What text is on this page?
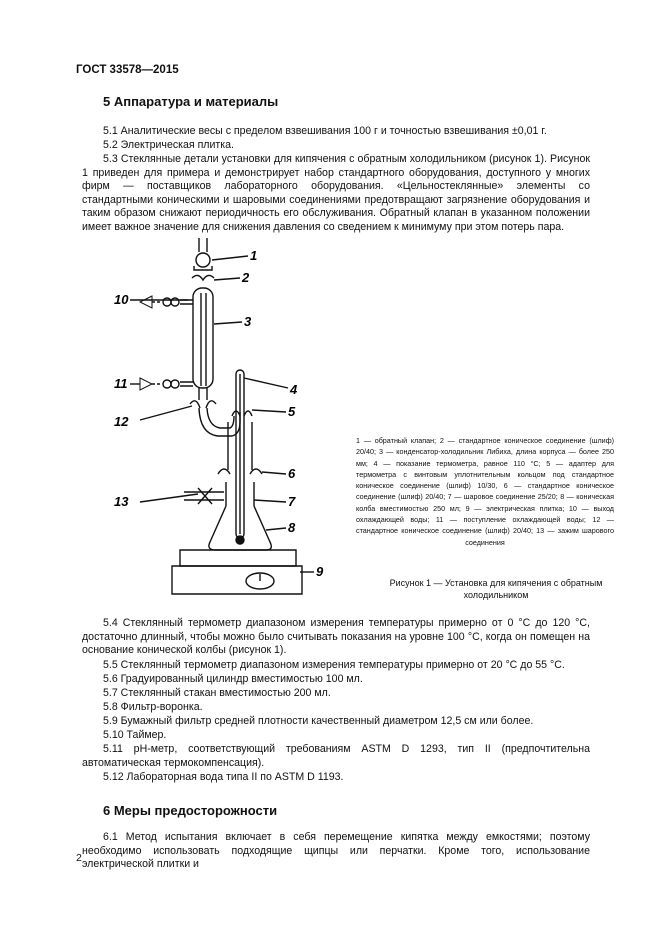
ГОСТ 33578—2015
5 Аппаратура и материалы

5.1 Аналитические весы с пределом взвешивания 100 г и точностью взвешивания ±0,01 г.

5.2 Электрическая плитка.

5.3 Стеклянные детали установки для кипячения с обратным холодильником (рисунок 1). Рисунок 1 приведен для примера и демонстрирует набор стандартного оборудования, доступного у многих фирм — поставщиков лабораторного оборудования. «Цельностеклянные» элементы со стандартными коническими и шаровыми соединениями предотвращают загрязнение оборудования и таким образом снижают периодичность его обслуживания. Обратный клапан в указанном положении имеет важное значение для снижения давления со сведением к минимуму при этом потерь пара.

1
2
3
4
5
6
7
8
9
10
11
12
13
1 — обратный клапан; 2 — стандартное коническое соединение (шлиф) 20/40; 3 — конденсатор-холодильник Либиха, длина корпуса — более 250 мм; 4 — показание термометра, равное 110 °С; 5 — адаптер для термометра с винтовым уплотнительным кольцом под стандартное коническое соединение (шлиф) 10/30, 6 — стандартное коническое соединение (шлиф) 20/40; 7 — шаровое соединение 25/20; 8 — коническая колба вместимостью 250 мл; 9 — электрическая плитка; 10 — выход охлаждающей воды; 11 — поступление охлаждающей воды; 12 — стандартное коническое соединение (шлиф) 20/40; 13 — зажим шарового соединения
Рисунок 1 — Установка для кипячения с обратным холодильником

5.4 Стеклянный термометр диапазоном измерения температуры примерно от 0 °С до 120 °С, достаточно длинный, чтобы можно было считывать показания на уровне 100 °С, когда он помещен на основание конической колбы (рисунок 1).

5.5 Стеклянный термометр диапазоном измерения температуры примерно от 20 °С до 55 °С.

5.6 Градуированный цилиндр вместимостью 100 мл.

5.7 Стеклянный стакан вместимостью 200 мл.

5.8 Фильтр-воронка.

5.9 Бумажный фильтр средней плотности качественный диаметром 12,5 см или более.

5.10 Таймер.

5.11 pH-метр, соответствующий требованиям ASTM D 1293, тип II (предпочтительна автоматическая термокомпенсация).

5.12 Лабораторная вода типа II по ASTM D 1193.

6 Меры предосторожности

6.1 Метод испытания включает в себя перемещение кипятка между емкостями; поэтому необходимо использовать подходящие щипцы или перчатки. Кроме того, использование электрической плитки и

2
